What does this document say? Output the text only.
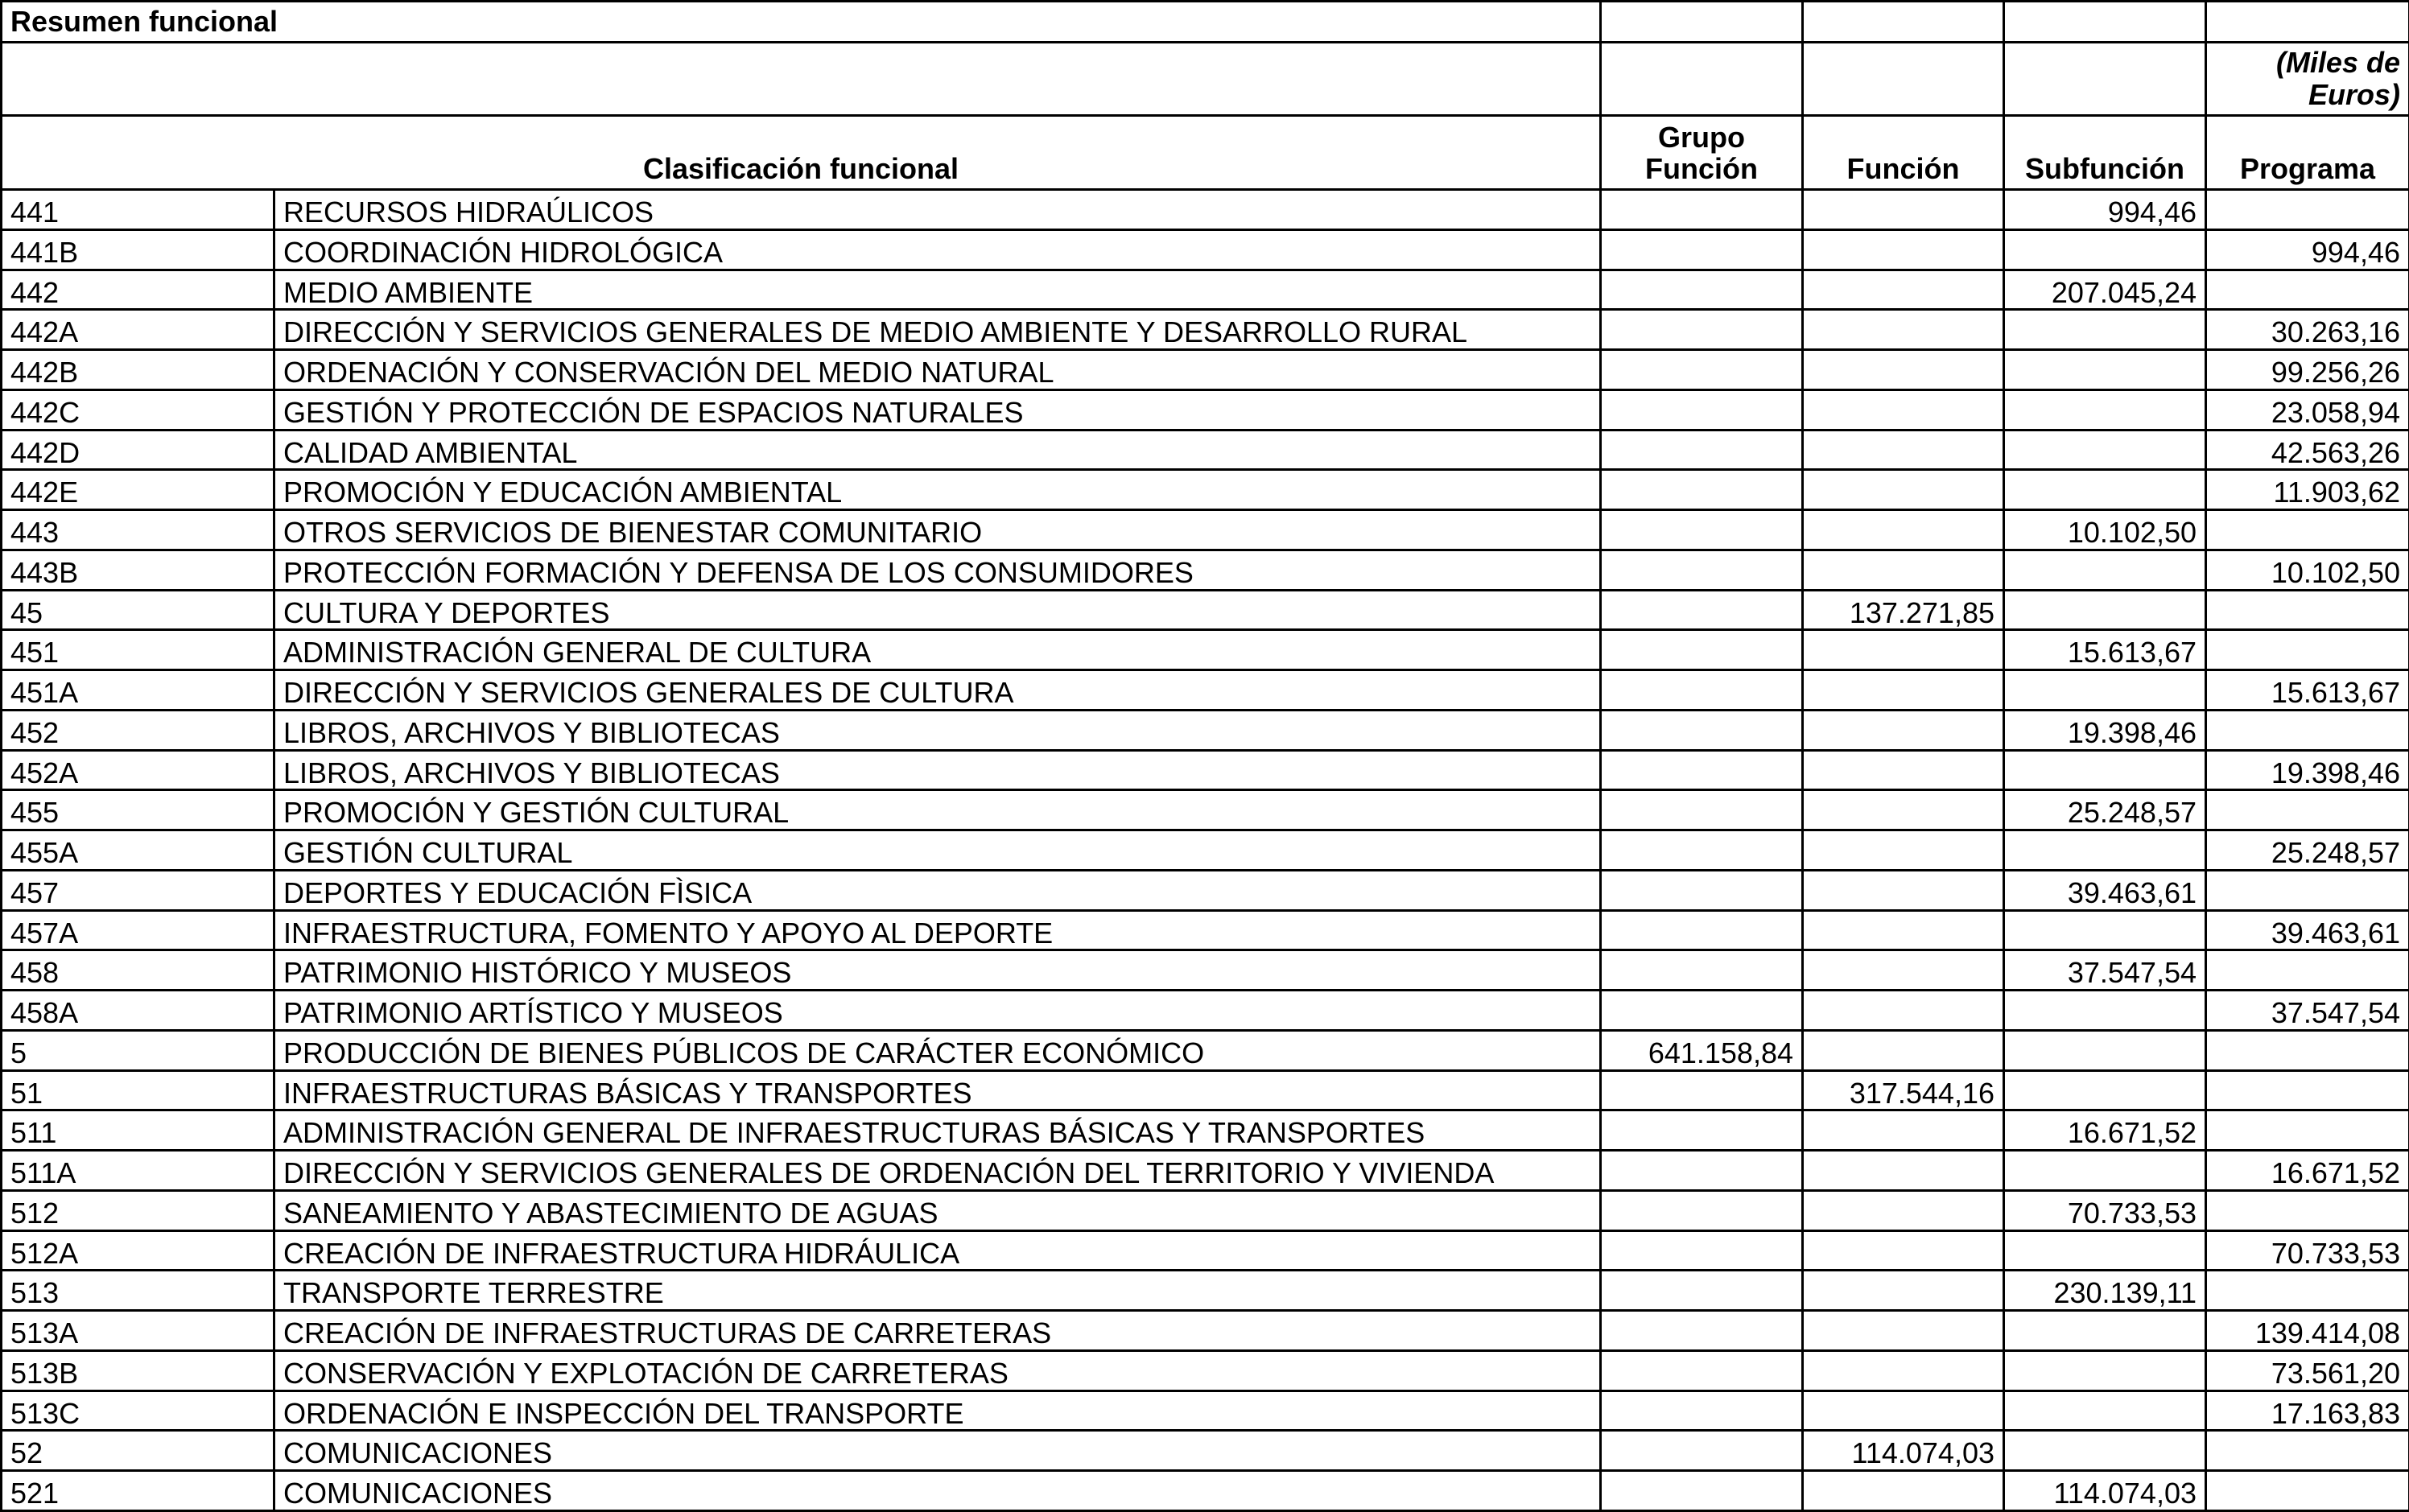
Resumen funcional					
					(Miles de Euros)
Clasificación funcional		Grupo Función	Función	Subfunción	Programa
441	RECURSOS HIDRAÚLICOS			994,46	
441B	COORDINACIÓN HIDROLÓGICA				994,46
442	MEDIO AMBIENTE			207.045,24	
442A	DIRECCIÓN Y SERVICIOS GENERALES DE MEDIO AMBIENTE Y DESARROLLO RURAL				30.263,16
442B	ORDENACIÓN Y CONSERVACIÓN DEL MEDIO NATURAL				99.256,26
442C	GESTIÓN Y PROTECCIÓN DE ESPACIOS NATURALES				23.058,94
442D	CALIDAD AMBIENTAL				42.563,26
442E	PROMOCIÓN Y EDUCACIÓN AMBIENTAL				11.903,62
443	OTROS SERVICIOS DE BIENESTAR COMUNITARIO			10.102,50	
443B	PROTECCIÓN FORMACIÓN Y DEFENSA DE LOS CONSUMIDORES				10.102,50
45	CULTURA Y DEPORTES		137.271,85		
451	ADMINISTRACIÓN GENERAL DE CULTURA			15.613,67	
451A	DIRECCIÓN Y SERVICIOS GENERALES DE CULTURA				15.613,67
452	LIBROS, ARCHIVOS Y BIBLIOTECAS			19.398,46	
452A	LIBROS, ARCHIVOS Y BIBLIOTECAS				19.398,46
455	PROMOCIÓN Y GESTIÓN CULTURAL			25.248,57	
455A	GESTIÓN CULTURAL				25.248,57
457	DEPORTES Y EDUCACIÓN FÌSICA			39.463,61	
457A	INFRAESTRUCTURA, FOMENTO Y APOYO AL DEPORTE				39.463,61
458	PATRIMONIO HISTÓRICO Y MUSEOS			37.547,54	
458A	PATRIMONIO ARTÍSTICO Y MUSEOS				37.547,54
5	PRODUCCIÓN DE BIENES PÚBLICOS DE CARÁCTER ECONÓMICO	641.158,84			
51	INFRAESTRUCTURAS BÁSICAS Y TRANSPORTES		317.544,16		
511	ADMINISTRACIÓN GENERAL DE INFRAESTRUCTURAS BÁSICAS Y TRANSPORTES			16.671,52	
511A	DIRECCIÓN Y SERVICIOS GENERALES DE ORDENACIÓN DEL TERRITORIO Y VIVIENDA				16.671,52
512	SANEAMIENTO Y ABASTECIMIENTO DE AGUAS			70.733,53	
512A	CREACIÓN DE INFRAESTRUCTURA HIDRÁULICA				70.733,53
513	TRANSPORTE TERRESTRE			230.139,11	
513A	CREACIÓN DE INFRAESTRUCTURAS DE CARRETERAS				139.414,08
513B	CONSERVACIÓN Y EXPLOTACIÓN DE CARRETERAS				73.561,20
513C	ORDENACIÓN E INSPECCIÓN DEL TRANSPORTE				17.163,83
52	COMUNICACIONES		114.074,03		
521	COMUNICACIONES			114.074,03	
